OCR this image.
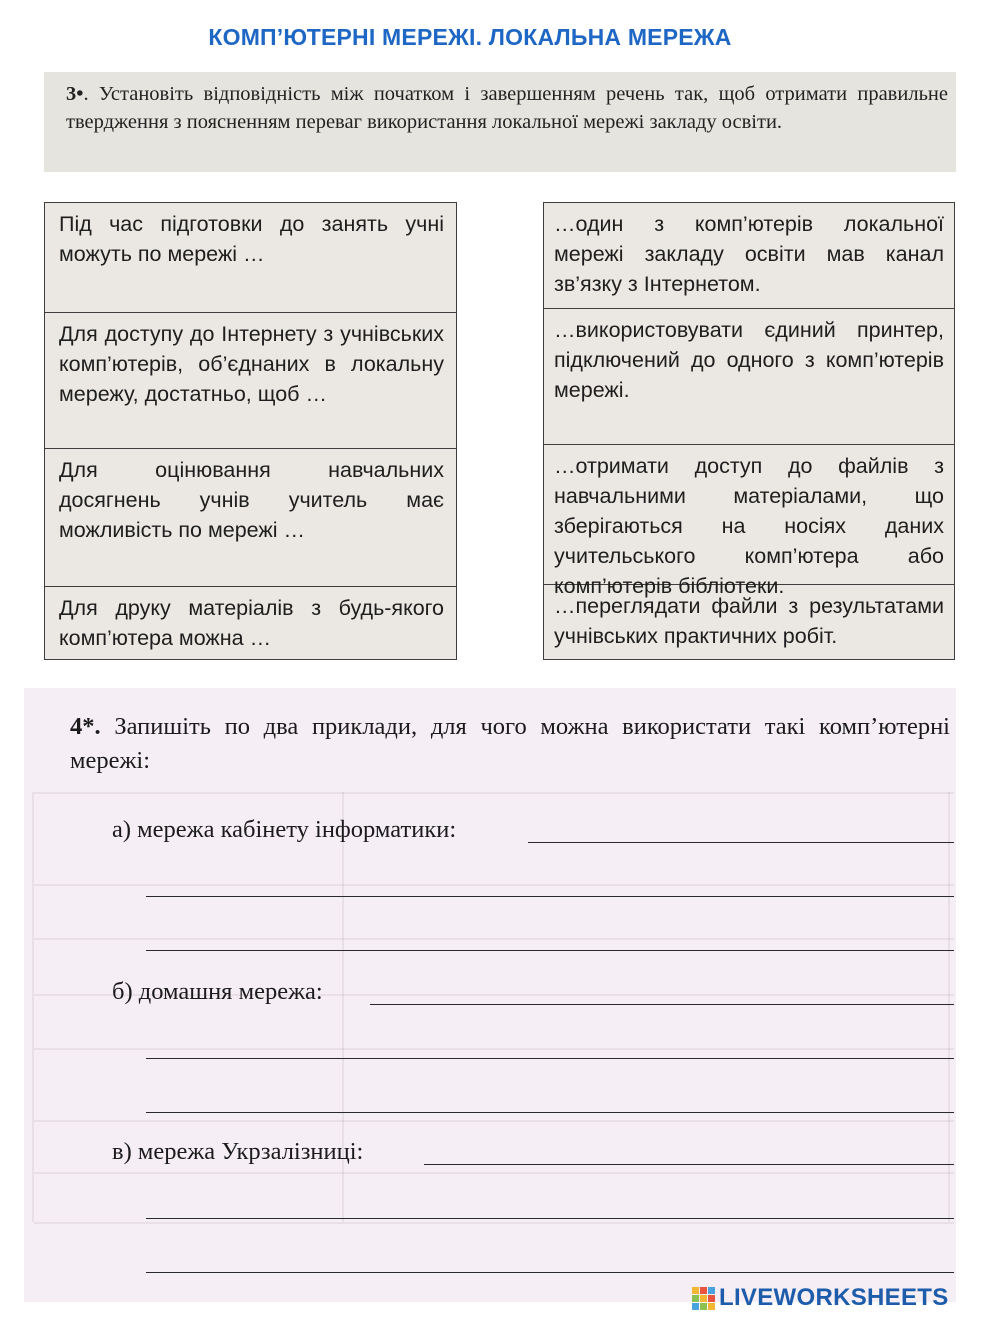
КОМП’ЮТЕРНІ МЕРЕЖІ. ЛОКАЛЬНА МЕРЕЖА
3•. Установіть відповідність між початком і завершенням речень так, щоб отримати правильне твердження з поясненням переваг використання локальної мережі закладу освіти.
Під час підготовки до занять учні можуть по мережі …
Для доступу до Інтернету з учнівських комп’ютерів, об’єднаних в локальну мережу, достатньо, щоб …
Для оцінювання навчальних досягнень учнів учитель має можливість по мережі …
Для друку матеріалів з будь-якого комп’ютера можна …
…один з комп’ютерів локальної мережі закладу освіти мав канал зв’язку з Інтернетом.
…використовувати єдиний принтер, підключений до одного з комп’ютерів мережі.
…отримати доступ до файлів з навчальними матеріалами, що зберігаються на носіях даних учительського комп’ютера або комп’ютерів бібліотеки.
…переглядати файли з результатами учнівських практичних робіт.
4*. Запишіть по два приклади, для чого можна використати такі комп’ютерні мережі:
а) мережа кабінету інформатики:
б) домашня мережа:
в) мережа Укрзалізниці:
LIVEWORKSHEETS
